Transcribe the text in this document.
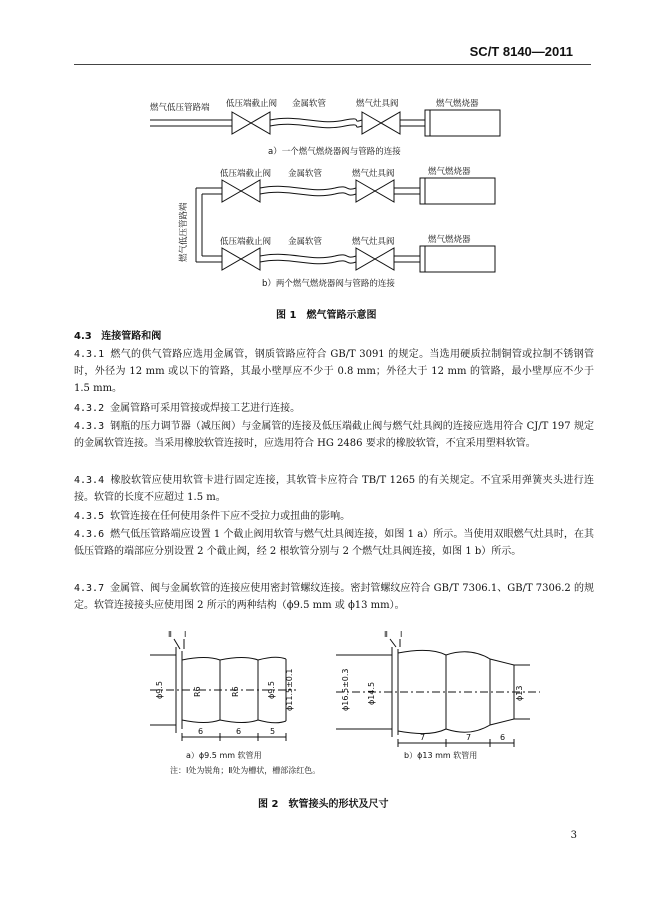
SC/T 8140—2011
燃气低压管路端 低压端截止阀 金属软管	燃气灶具阀	燃气燃烧器
a）一个燃气燃烧器阀与管路的连接
燃气低压管路端
低压端截止阀 金属软管	燃气灶具阀	燃气燃烧器
低压端截止阀 金属软管	燃气灶具阀	燃气燃烧器
b）两个燃气燃烧器阀与管路的连接
图 1　燃气管路示意图
4.3 连接管路和阀
4.3.1 燃气的供气管路应选用金属管，钢质管路应符合 GB/T 3091 的规定。当选用硬质拉制铜管或拉制不锈钢管时，外径为 12 mm 或以下的管路，其最小壁厚应不少于 0.8 mm；外径大于 12 mm 的管路，最小壁厚应不少于 1.5 mm。
4.3.2 金属管路可采用管接或焊接工艺进行连接。
4.3.3 钢瓶的压力调节器（减压阀）与金属管的连接及低压端截止阀与燃气灶具阀的连接应选用符合 CJ/T 197 规定的金属软管连接。当采用橡胶软管连接时，应选用符合 HG 2486 要求的橡胶软管，不宜采用塑料软管。
4.3.4 橡胶软管应使用软管卡进行固定连接，其软管卡应符合 TB/T 1265 的有关规定。不宜采用弹簧夹头进行连接。软管的长度不应超过 1.5 m。
4.3.5 软管连接在任何使用条件下应不受拉力或扭曲的影响。
4.3.6 燃气低压管路端应设置 1 个截止阀用软管与燃气灶具阀连接，如图 1 a）所示。当使用双眼燃气灶具时，在其低压管路的端部应分别设置 2 个截止阀，经 2 根软管分别与 2 个燃气灶具阀连接，如图 1 b）所示。
4.3.7 金属管、阀与金属软管的连接应使用密封管螺纹连接。密封管螺纹应符合 GB/T 7306.1、GB/T 7306.2 的规定。软管连接接头应使用图 2 所示的两种结构（ϕ9.5 mm 或 ϕ13 mm）。
Ⅱ Ⅰ
ϕ9.5	R6	R6	ϕ9.5 ϕ11.5±0.1
6	6	5
a）ϕ9.5 mm 软管用
Ⅱ Ⅰ
ϕ16.5±0.3 ϕ14.5	ϕ13
7	7	6
b）ϕ13 mm 软管用
注：Ⅰ处为锐角；Ⅱ处为槽状，槽部涂红色。
图 2　软管接头的形状及尺寸
3
